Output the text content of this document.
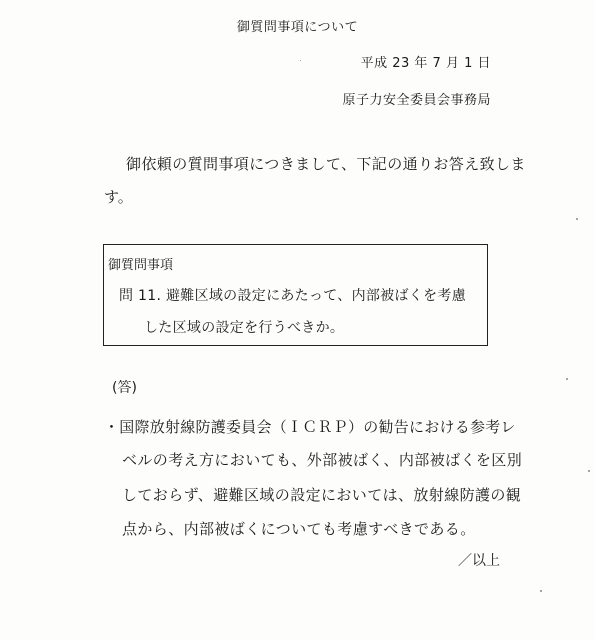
御質問事項について
平成 23 年 7 月 1 日
原子力安全委員会事務局
御依頼の質問事項につきまして、下記の通りお答え致しま
す。
御質問事項
問 11. 避難区域の設定にあたって、内部被ばくを考慮
した区域の設定を行うべきか。
(答)
・国際放射線防護委員会（ＩＣＲＰ）の勧告における参考レ
ベルの考え方においても、外部被ばく、内部被ばくを区別
しておらず、避難区域の設定においては、放射線防護の観
点から、内部被ばくについても考慮すべきである。
／以上
